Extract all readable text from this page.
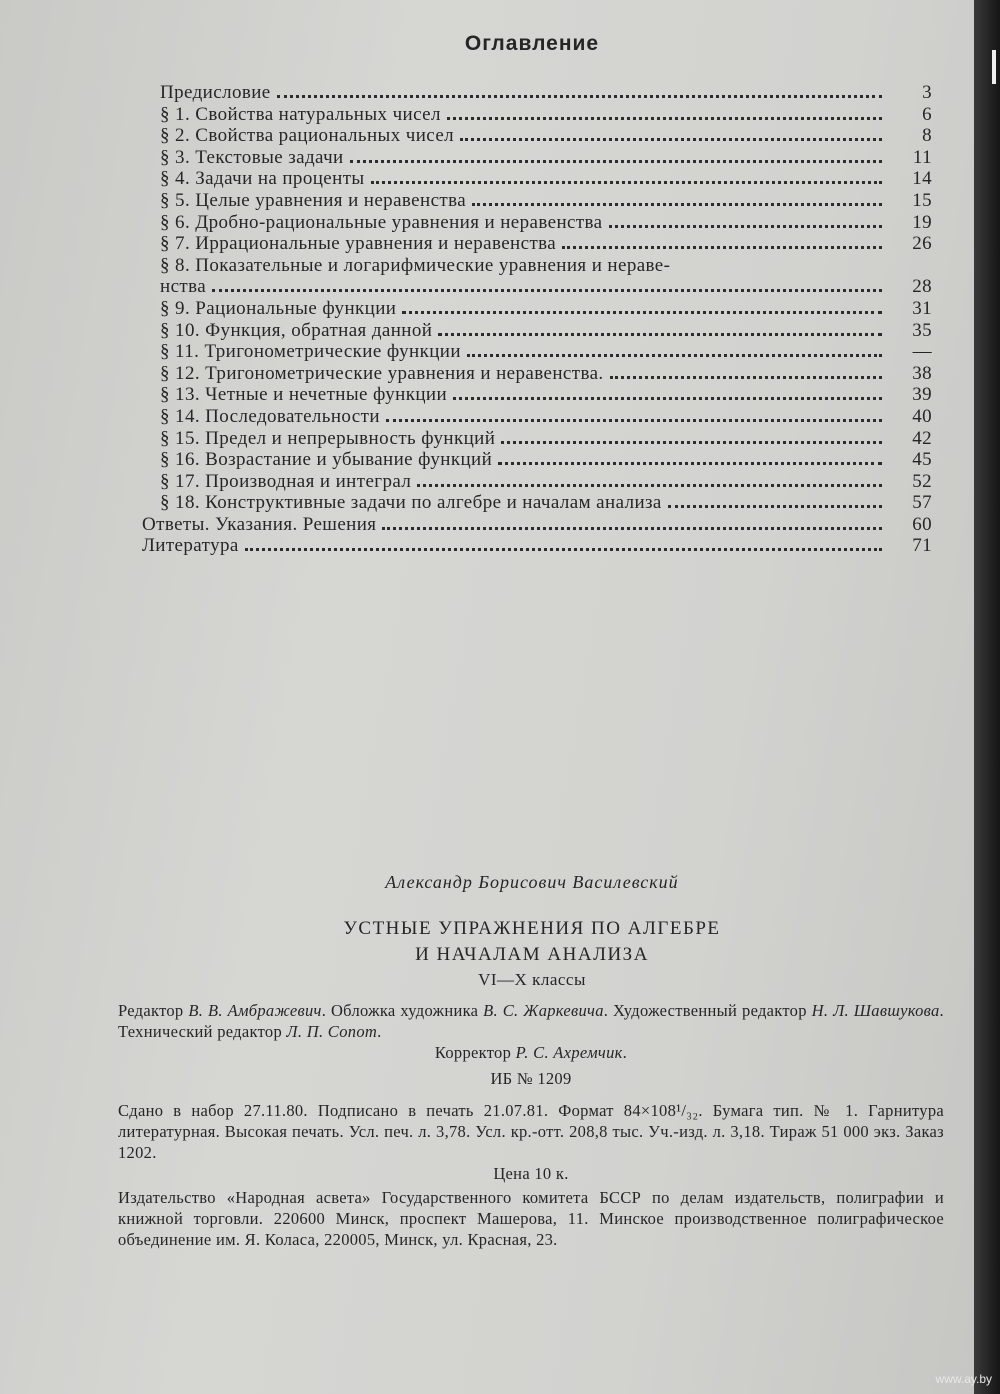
Оглавление
Предисловие	3
§ 1. Свойства натуральных чисел	6
§ 2. Свойства рациональных чисел	8
§ 3. Текстовые задачи	11
§ 4. Задачи на проценты	14
§ 5. Целые уравнения и неравенства	15
§ 6. Дробно-рациональные уравнения и неравенства	19
§ 7. Иррациональные уравнения и неравенства	26
§ 8. Показательные и логарифмические уравнения и нераве-
нства	28
§ 9. Рациональные функции	31
§ 10. Функция, обратная данной	35
§ 11. Тригонометрические функции	—
§ 12. Тригонометрические уравнения и неравенства.	38
§ 13. Четные и нечетные функции	39
§ 14. Последовательности	40
§ 15. Предел и непрерывность функций	42
§ 16. Возрастание и убывание функций	45
§ 17. Производная и интеграл	52
§ 18. Конструктивные задачи по алгебре и началам анализа	57
Ответы. Указания. Решения	60
Литература	71
Александр Борисович Василевский
УСТНЫЕ УПРАЖНЕНИЯ ПО АЛГЕБРЕ
И НАЧАЛАМ АНАЛИЗА
VI—X классы
Редактор В. В. Амбражевич. Обложка художника В. С. Жаркевича. Художественный редактор Н. Л. Шавшукова. Технический редактор Л. П. Сопот.
Корректор Р. С. Ахремчик.
ИБ № 1209
Сдано в набор 27.11.80. Подписано в печать 21.07.81. Формат 84×108¹/₃₂. Бумага тип. № 1. Гарнитура литературная. Высокая печать. Усл. печ. л. 3,78. Усл. кр.-отт. 208,8 тыс. Уч.-изд. л. 3,18. Тираж 51 000 экз. Заказ 1202.
Цена 10 к.
Издательство «Народная асвета» Государственного комитета БССР по делам издательств, полиграфии и книжной торговли. 220600 Минск, проспект Машерова, 11. Минское производственное полиграфическое объединение им. Я. Коласа, 220005, Минск, ул. Красная, 23.
www.ay.by
